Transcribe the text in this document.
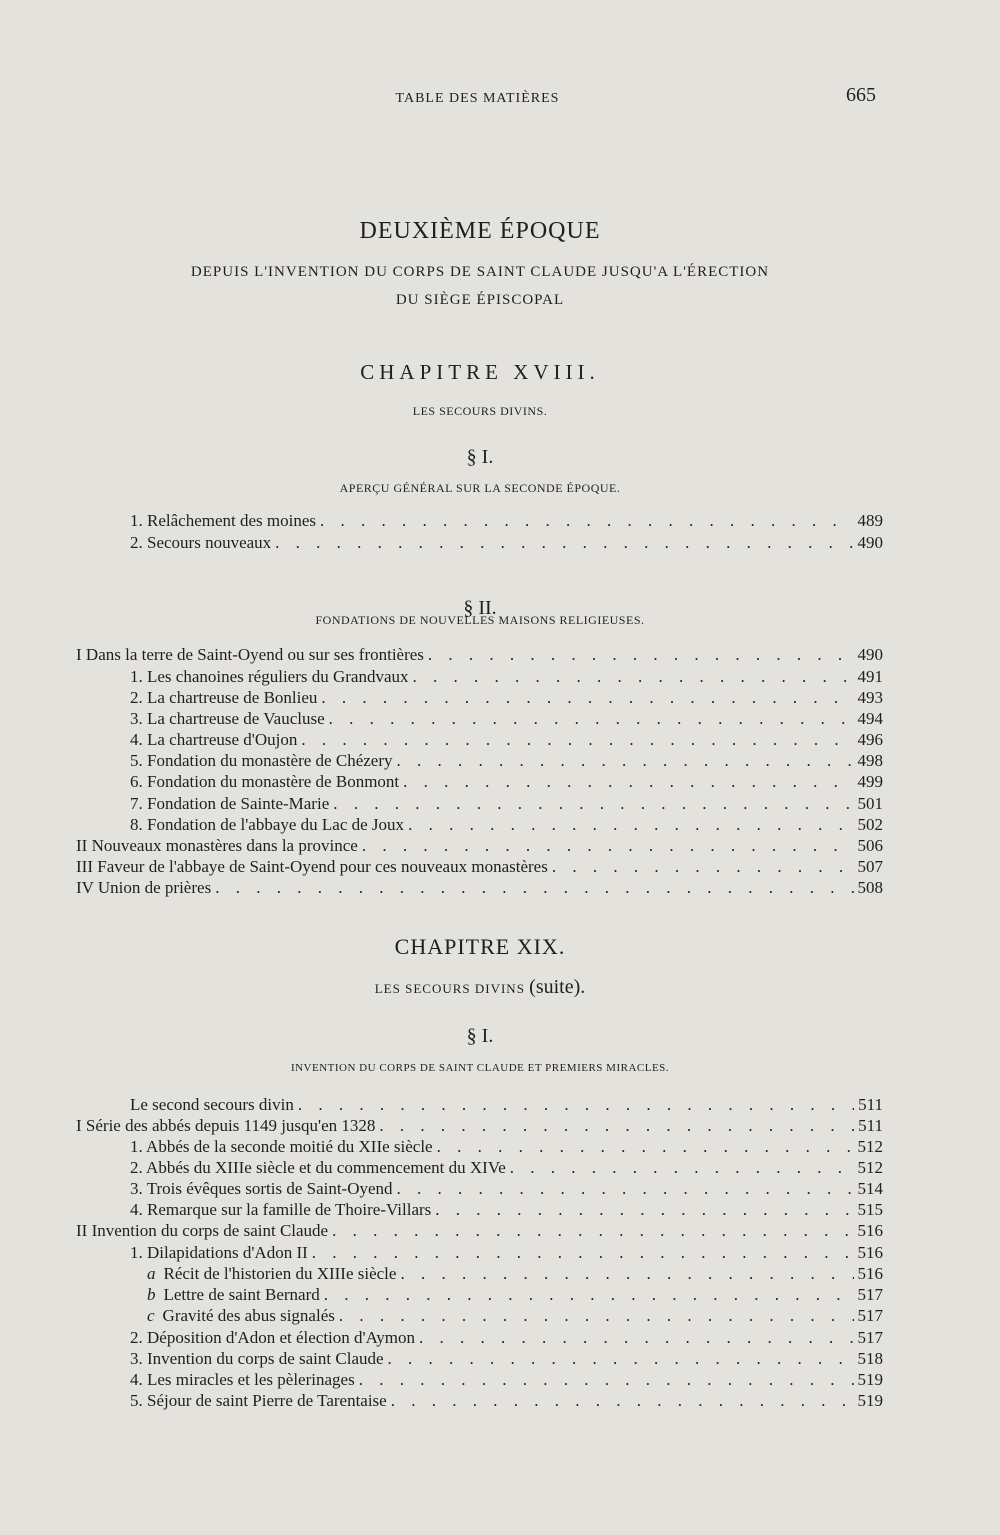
TABLE DES MATIÈRES	665
DEUXIÈME ÉPOQUE
DEPUIS L'INVENTION DU CORPS DE SAINT CLAUDE JUSQU'A L'ÉRECTION
DU SIÈGE ÉPISCOPAL
CHAPITRE XVIII.
LES SECOURS DIVINS.
§ I.
APERÇU GÉNÉRAL SUR LA SECONDE ÉPOQUE.
1. Relâchement des moines . . .	489
2. Secours nouveaux . . .	490
§ II.
FONDATIONS DE NOUVELLES MAISONS RELIGIEUSES.
I Dans la terre de Saint-Oyend ou sur ses frontières . . .	490
1. Les chanoines réguliers du Grandvaux . . .	491
2. La chartreuse de Bonlieu . . .	493
3. La chartreuse de Vaucluse . . .	494
4. La chartreuse d'Oujon . . .	496
5. Fondation du monastère de Chézery . . .	498
6. Fondation du monastère de Bonmont . . .	499
7. Fondation de Sainte-Marie . . .	501
8. Fondation de l'abbaye du Lac de Joux . . .	502
II Nouveaux monastères dans la province . . .	506
III Faveur de l'abbaye de Saint-Oyend pour ces nouveaux monastères . . .	507
IV Union de prières . . .	508
CHAPITRE XIX.
LES SECOURS DIVINS (suite).
§ I.
INVENTION DU CORPS DE SAINT CLAUDE ET PREMIERS MIRACLES.
Le second secours divin . . .	511
I Série des abbés depuis 1149 jusqu'en 1328 . . .	511
1. Abbés de la seconde moitié du XIIe siècle . . .	512
2. Abbés du XIIIe siècle et du commencement du XIVe . . .	512
3. Trois évêques sortis de Saint-Oyend . . .	514
4. Remarque sur la famille de Thoire-Villars . . .	515
II Invention du corps de saint Claude . . .	516
1. Dilapidations d'Adon II . . .	516
a Récit de l'historien du XIIIe siècle . . .	516
b Lettre de saint Bernard . . .	517
c Gravité des abus signalés . . .	517
2. Déposition d'Adon et élection d'Aymon . . .	517
3. Invention du corps de saint Claude . . .	518
4. Les miracles et les pèlerinages . . .	519
5. Séjour de saint Pierre de Tarentaise . . .	519
